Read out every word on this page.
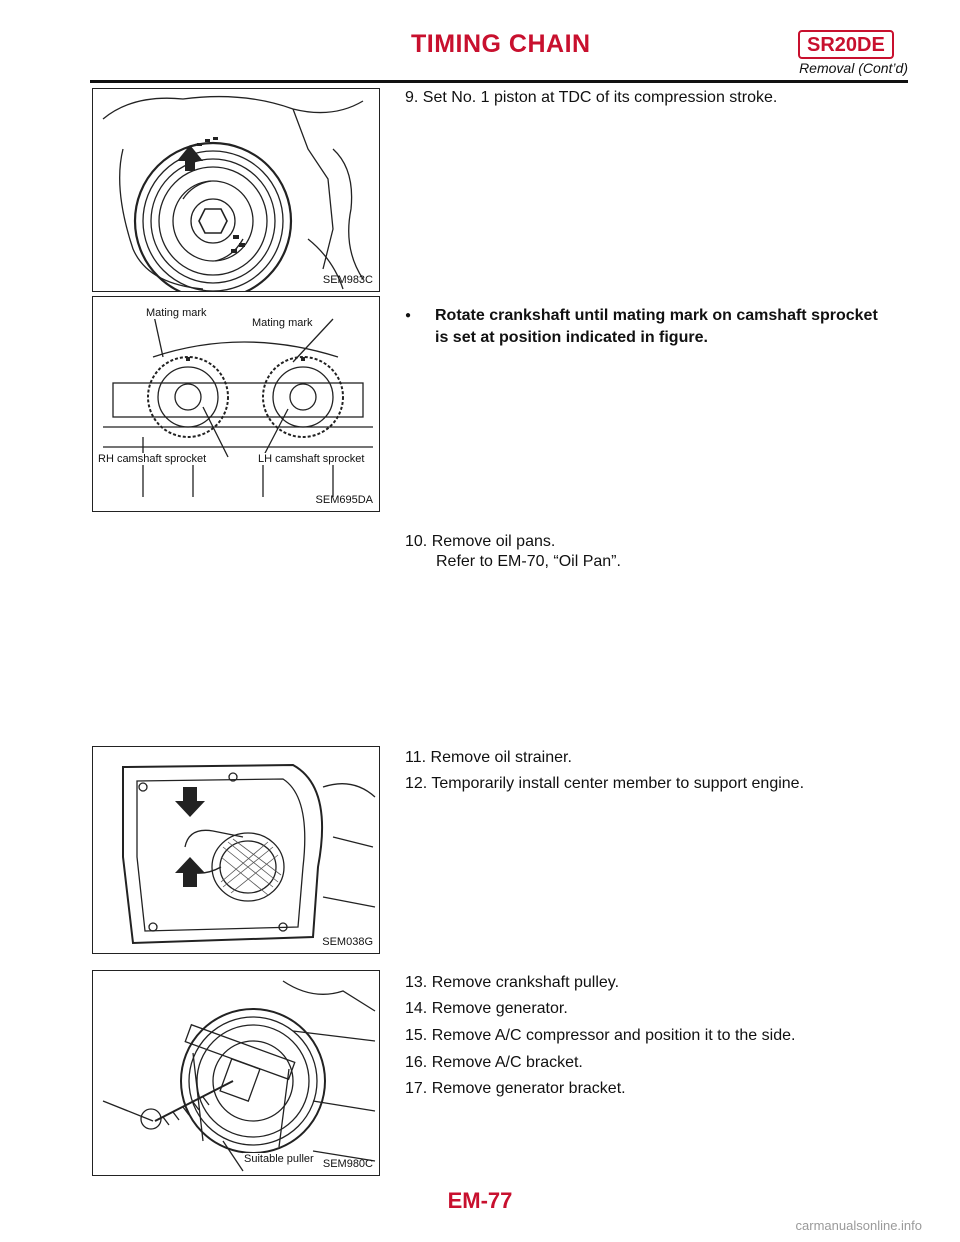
TIMING CHAIN	SR20DE
Removal (Cont’d)
SEM983C
Mating mark
Mating mark
RH camshaft sprocket	LH camshaft sprocket
SEM695DA
SEM038G
Suitable puller SEM980C
9. Set No. 1 piston at TDC of its compression stroke.
●	Rotate crankshaft until mating mark on camshaft sprocket is set at position indicated in figure.
10. Remove oil pans.
Refer to EM-70, “Oil Pan”.
11. Remove oil strainer.
12. Temporarily install center member to support engine.
13. Remove crankshaft pulley.
14. Remove generator.
15. Remove A/C compressor and position it to the side.
16. Remove A/C bracket.
17. Remove generator bracket.
EM-77
carmanualsonline.info
